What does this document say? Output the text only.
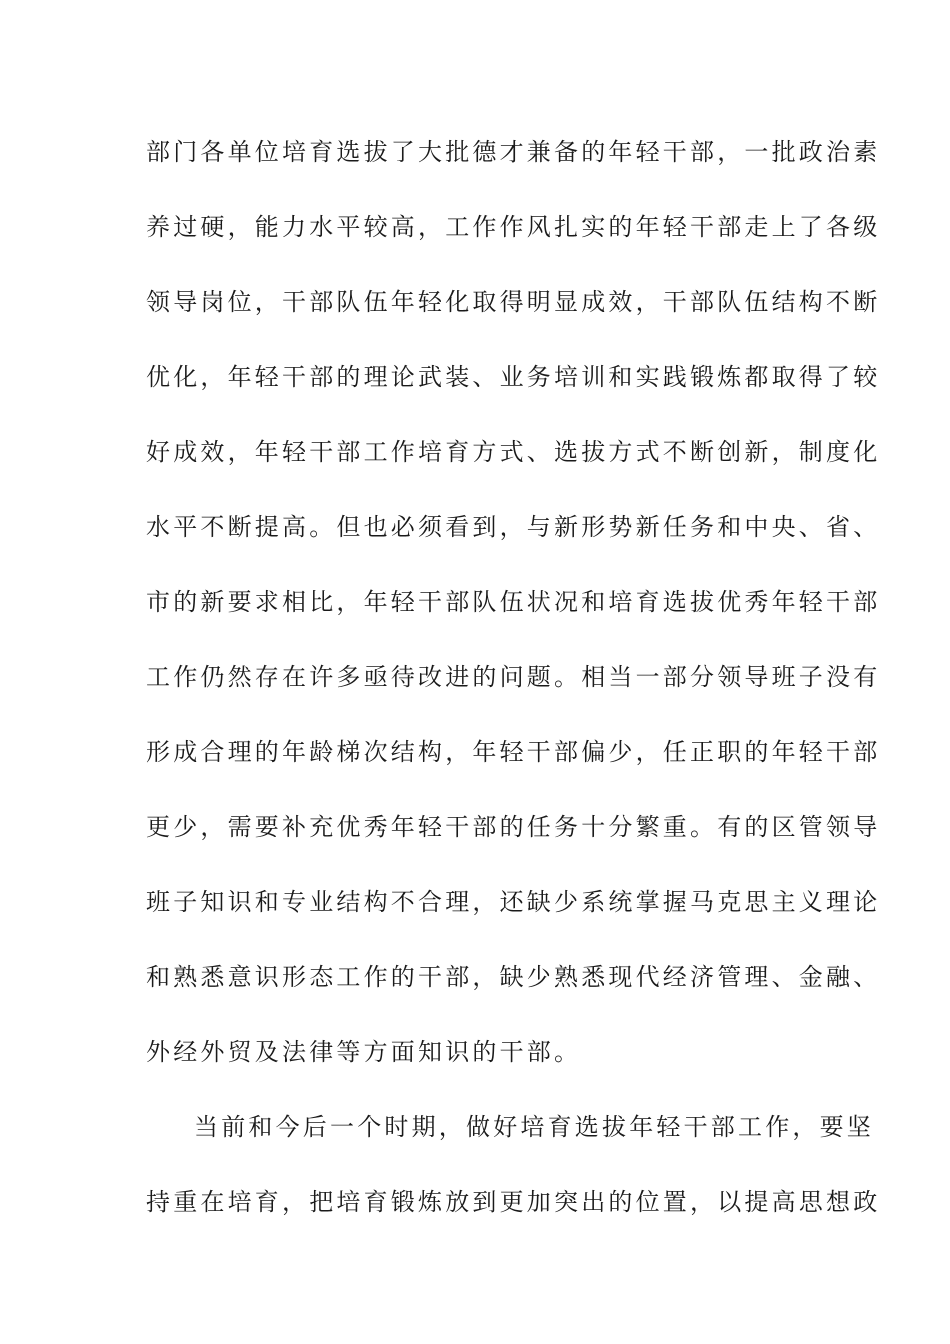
部门各单位培育选拔了大批德才兼备的年轻干部，一批政治素
养过硬，能力水平较高，工作作风扎实的年轻干部走上了各级
领导岗位，干部队伍年轻化取得明显成效，干部队伍结构不断
优化，年轻干部的理论武装、业务培训和实践锻炼都取得了较
好成效，年轻干部工作培育方式、选拔方式不断创新，制度化
水平不断提高。但也必须看到，与新形势新任务和中央、省、
市的新要求相比，年轻干部队伍状况和培育选拔优秀年轻干部
工作仍然存在许多亟待改进的问题。相当一部分领导班子没有
形成合理的年龄梯次结构，年轻干部偏少，任正职的年轻干部
更少，需要补充优秀年轻干部的任务十分繁重。有的区管领导
班子知识和专业结构不合理，还缺少系统掌握马克思主义理论
和熟悉意识形态工作的干部，缺少熟悉现代经济管理、金融、
外经外贸及法律等方面知识的干部。
当前和今后一个时期，做好培育选拔年轻干部工作，要坚
持重在培育，把培育锻炼放到更加突出的位置，以提高思想政
